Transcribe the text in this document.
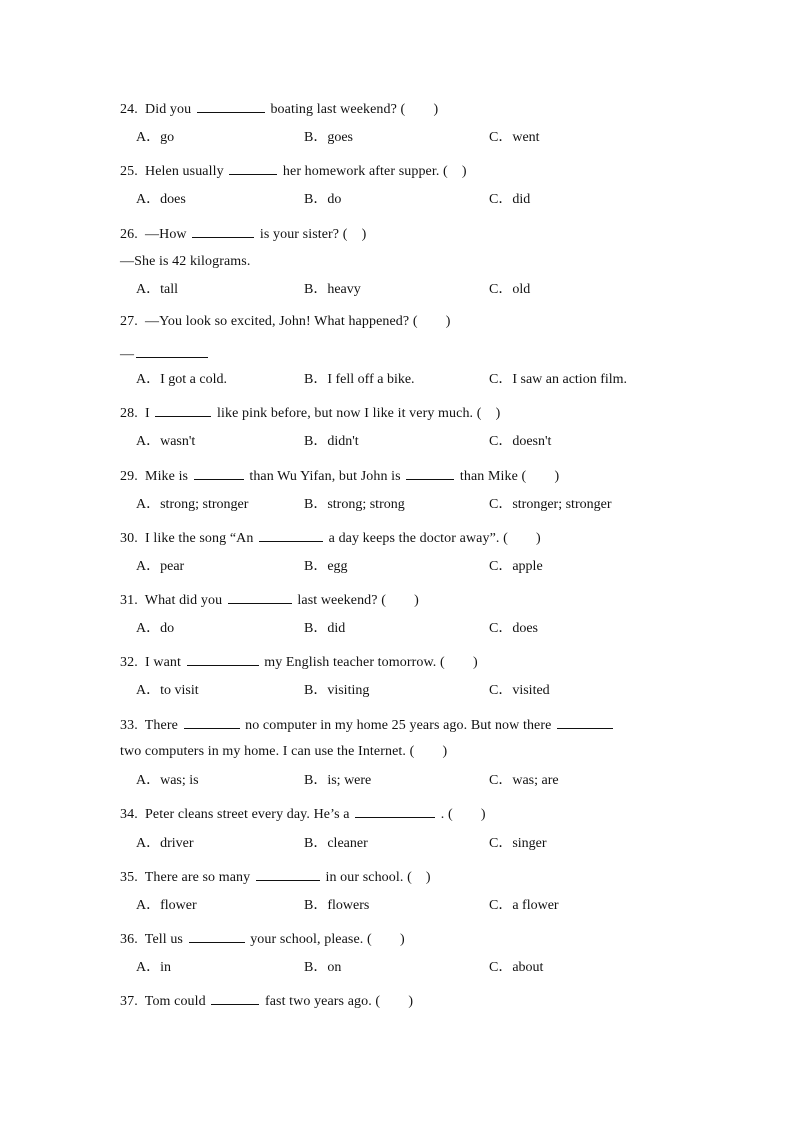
24. Did you	boating last weekend? (　　)
A．go	B．goes	C．went
25. Helen usually	her homework after supper. (　)
A．does	B．do	C．did
26. —How	is your sister? (　)
—She is 42 kilograms.
A．tall	B．heavy	C．old
27. —You look so excited, John! What happened? (　　)
—
A．I got a cold.	B．I fell off a bike.	C．I saw an action film.
28. I	like pink before, but now I like it very much. (　)
A．wasn't	B．didn't	C．doesn't
29. Mike is	than Wu Yifan, but John is	than Mike (　　)
A．strong; stronger	B．strong; strong	C．stronger; stronger
30. I like the song “An	a day keeps the doctor away”. (　　)
A．pear	B．egg	C．apple
31. What did you	last weekend? (　　)
A．do	B．did	C．does
32. I want	my English teacher tomorrow. (　　)
A．to visit	B．visiting	C．visited
33. There	no computer in my home 25 years ago. But now there
two computers in my home. I can use the Internet. (　　)
A．was; is	B．is; were	C．was; are
34. Peter cleans street every day. He’s a	. (　　)
A．driver	B．cleaner	C．singer
35. There are so many	in our school. (　)
A．flower	B．flowers	C．a flower
36. Tell us	your school, please. (　　)
A．in	B．on	C．about
37. Tom could	fast two years ago. (　　)
